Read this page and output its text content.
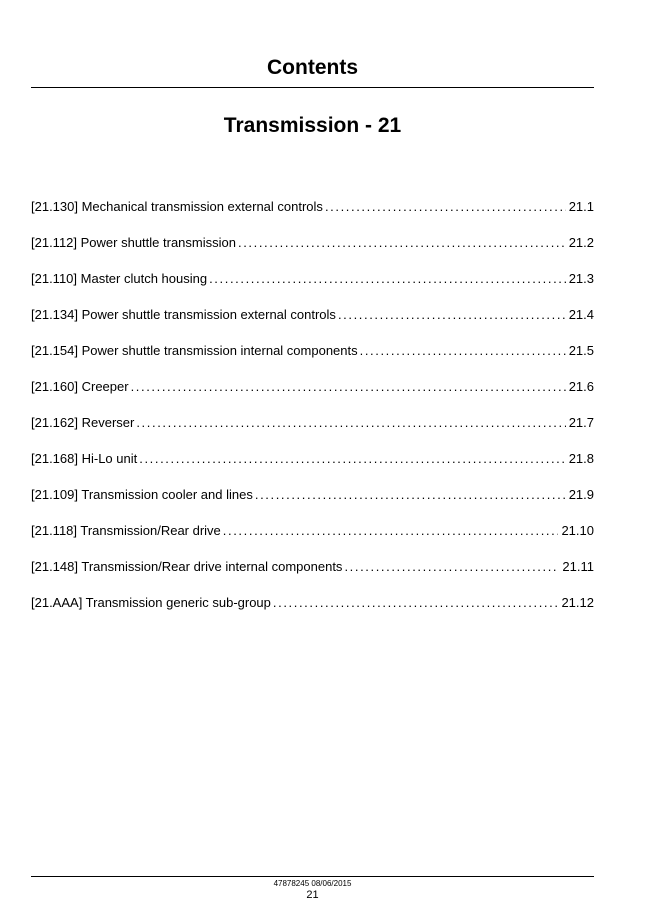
Contents
Transmission - 21
[21.130] Mechanical transmission external controls .....	21.1
[21.112] Power shuttle transmission .....	21.2
[21.110] Master clutch housing .....	21.3
[21.134] Power shuttle transmission external controls .....	21.4
[21.154] Power shuttle transmission internal components .....	21.5
[21.160] Creeper .....	21.6
[21.162] Reverser .....	21.7
[21.168] Hi-Lo unit .....	21.8
[21.109] Transmission cooler and lines .....	21.9
[21.118] Transmission/Rear drive .....	21.10
[21.148] Transmission/Rear drive internal components .....	21.11
[21.AAA] Transmission generic sub-group .....	21.12
47878245 08/06/2015
21
